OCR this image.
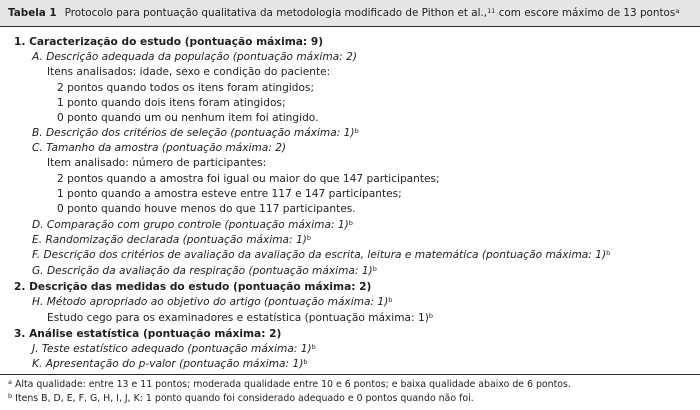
Tabela 1 Protocolo para pontuação qualitativa da metodologia modificado de Pithon et al.,$^{11}$ com escore máximo de 13 pontos$^a$
1. Caracterização do estudo (pontuação máxima: 9)
A. Descrição adequada da população (pontuação máxima: 2)
Itens analisados: idade, sexo e condição do paciente:
2 pontos quando todos os itens foram atingidos;
1 ponto quando dois itens foram atingidos;
0 ponto quando um ou nenhum item foi atingido.
B. Descrição dos critérios de seleção (pontuação máxima: 1)$^b$
C. Tamanho da amostra (pontuação máxima: 2)
Item analisado: número de participantes:
2 pontos quando a amostra foi igual ou maior do que 147 participantes;
1 ponto quando a amostra esteve entre 117 e 147 participantes;
0 ponto quando houve menos do que 117 participantes.
D. Comparação com grupo controle (pontuação máxima: 1)$^b$
E. Randomização declarada (pontuação máxima: 1)$^b$
F. Descrição dos critérios de avaliação da avaliação da escrita, leitura e matemática (pontuação máxima: 1)$^b$
G. Descrição da avaliação da respiração (pontuação máxima: 1)$^b$
2. Descrição das medidas do estudo (pontuação máxima: 2)
H. Método apropriado ao objetivo do artigo (pontuação máxima: 1)$^b$
Estudo cego para os examinadores e estatística (pontuação máxima: 1)$^b$
3. Análise estatística (pontuação máxima: 2)
J. Teste estatístico adequado (pontuação máxima: 1)$^b$
K. Apresentação do p-valor (pontuação máxima: 1)$^b$
$^a$ Alta qualidade: entre 13 e 11 pontos; moderada qualidade entre 10 e 6 pontos; e baixa qualidade abaixo de 6 pontos.
$^b$ Itens B, D, E, F, G, H, I, J, K: 1 ponto quando foi considerado adequado e 0 pontos quando não foi.
